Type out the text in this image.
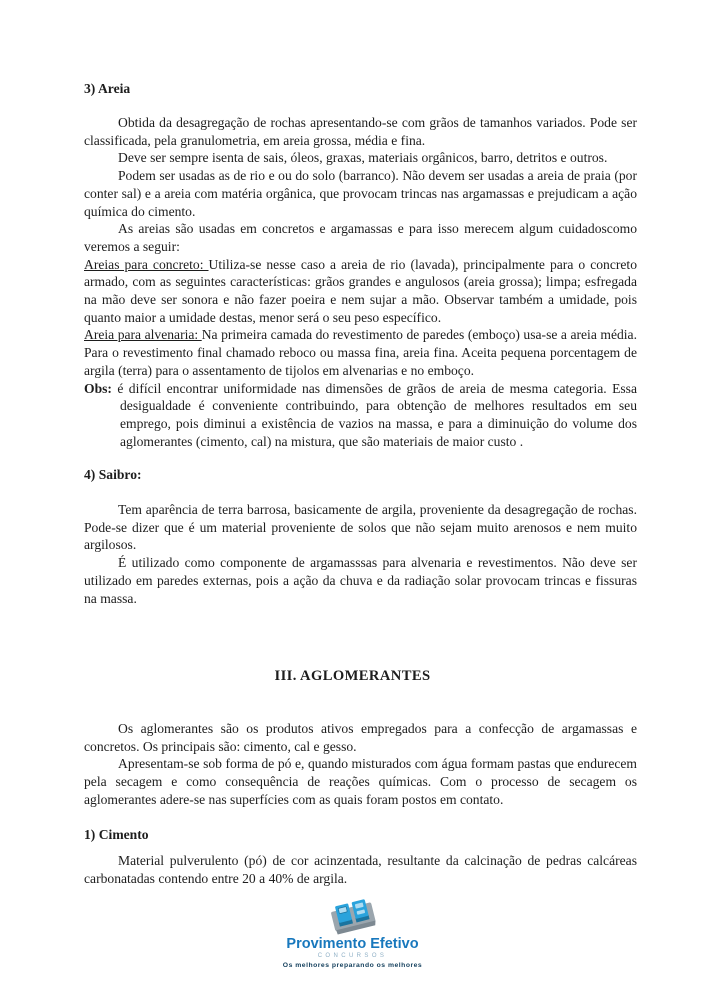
3) Areia

Obtida da desagregação de rochas apresentando-se com grãos de tamanhos variados. Pode ser classificada, pela granulometria, em areia grossa, média e fina.

Deve ser sempre isenta de sais, óleos, graxas, materiais orgânicos, barro, detritos e outros.

Podem ser usadas as de rio e ou do solo (barranco). Não devem ser usadas a areia de praia (por conter sal) e a areia com matéria orgânica, que provocam trincas nas argamassas e prejudicam a ação química do cimento.

As areias são usadas em concretos e argamassas e para isso merecem algum cuidadoscomo veremos a seguir:

Areias para concreto: Utiliza-se nesse caso a areia de rio (lavada), principalmente para o concreto armado, com as seguintes características: grãos grandes e angulosos (areia grossa); limpa; esfregada na mão deve ser sonora e não fazer poeira e nem sujar a mão. Observar também a umidade, pois quanto maior a umidade destas, menor será o seu peso específico.

Areia para alvenaria: Na primeira camada do revestimento de paredes (emboço) usa-se a areia média. Para o revestimento final chamado reboco ou massa fina, areia fina. Aceita pequena porcentagem de argila (terra) para o assentamento de tijolos em alvenarias e no emboço.

Obs: é difícil encontrar uniformidade nas dimensões de grãos de areia de mesma categoria. Essa desigualdade é conveniente contribuindo, para obtenção de melhores resultados em seu emprego, pois diminui a existência de vazios na massa, e para a diminuição do volume dos aglomerantes (cimento, cal) na mistura, que são materiais de maior custo .

4) Saibro:

Tem aparência de terra barrosa, basicamente de argila, proveniente da desagregação de rochas. Pode-se dizer que é um material proveniente de solos que não sejam muito arenosos e nem muito argilosos.

É utilizado como componente de argamasssas para alvenaria e revestimentos. Não deve ser utilizado em paredes externas, pois a ação da chuva e da radiação solar provocam trincas e fissuras na massa.

III. AGLOMERANTES

Os aglomerantes são os produtos ativos empregados para a confecção de argamassas e concretos. Os principais são: cimento, cal e gesso.

Apresentam-se sob forma de pó e, quando misturados com água formam pastas que endurecem pela secagem e como consequência de reações químicas. Com o processo de secagem os aglomerantes adere-se nas superfícies com as quais foram postos em contato.

1) Cimento

Material pulverulento (pó) de cor acinzentada, resultante da calcinação de pedras calcáreas carbonatadas contendo entre 20 a 40% de argila.

Provimento Efetivo
CONCURSOS
Os melhores preparando os melhores
